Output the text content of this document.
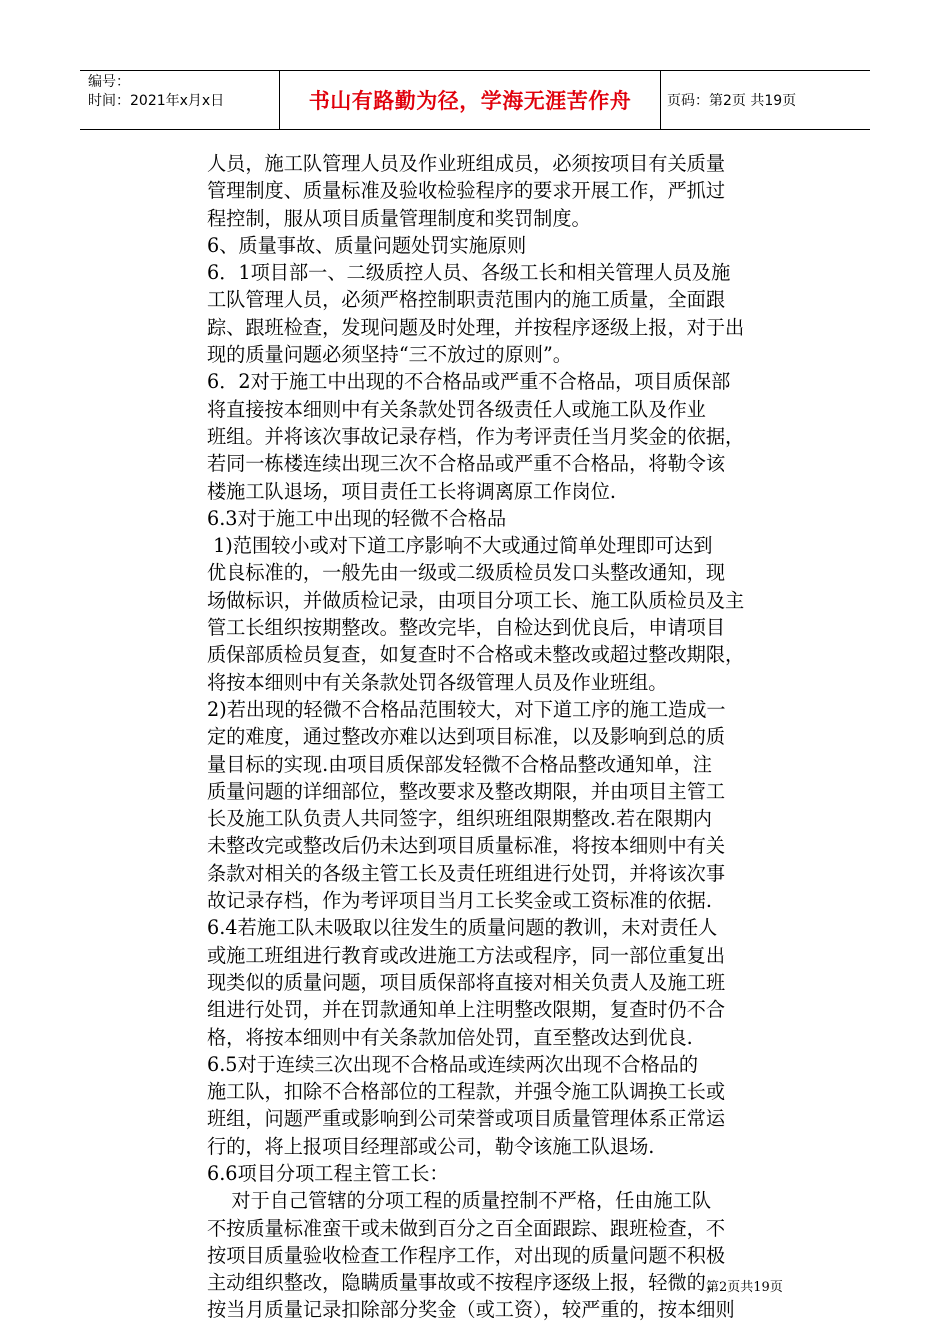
编号：
时间：2021年x月x日	书山有路勤为径，学海无涯苦作舟	页码：第2页 共19页

人员，施工队管理人员及作业班组成员，必须按项目有关质量

管理制度、质量标准及验收检验程序的要求开展工作，严抓过

程控制，服从项目质量管理制度和奖罚制度。

6、质量事故、质量问题处罚实施原则

6．1项目部一、二级质控人员、各级工长和相关管理人员及施

工队管理人员，必须严格控制职责范围内的施工质量，全面跟

踪、跟班检查，发现问题及时处理，并按程序逐级上报，对于出

现的质量问题必须坚持“三不放过的原则”。

6．2对于施工中出现的不合格品或严重不合格品，项目质保部

将直接按本细则中有关条款处罚各级责任人或施工队及作业

班组。并将该次事故记录存档，作为考评责任当月奖金的依据，

若同一栋楼连续出现三次不合格品或严重不合格品，将勒令该

楼施工队退场，项目责任工长将调离原工作岗位.

6.3对于施工中出现的轻微不合格品

1)范围较小或对下道工序影响不大或通过简单处理即可达到

优良标准的，一般先由一级或二级质检员发口头整改通知，现

场做标识，并做质检记录，由项目分项工长、施工队质检员及主

管工长组织按期整改。整改完毕，自检达到优良后，申请项目

质保部质检员复查，如复查时不合格或未整改或超过整改期限，

将按本细则中有关条款处罚各级管理人员及作业班组。

2)若出现的轻微不合格品范围较大，对下道工序的施工造成一

定的难度，通过整改亦难以达到项目标准，以及影响到总的质

量目标的实现.由项目质保部发轻微不合格品整改通知单，注

质量问题的详细部位，整改要求及整改期限，并由项目主管工

长及施工队负责人共同签字，组织班组限期整改.若在限期内

未整改完或整改后仍未达到项目质量标准，将按本细则中有关

条款对相关的各级主管工长及责任班组进行处罚，并将该次事

故记录存档，作为考评项目当月工长奖金或工资标准的依据.

6.4若施工队未吸取以往发生的质量问题的教训，未对责任人

或施工班组进行教育或改进施工方法或程序，同一部位重复出

现类似的质量问题，项目质保部将直接对相关负责人及施工班

组进行处罚，并在罚款通知单上注明整改限期，复查时仍不合

格，将按本细则中有关条款加倍处罚，直至整改达到优良.

6.5对于连续三次出现不合格品或连续两次出现不合格品的

施工队，扣除不合格部位的工程款，并强令施工队调换工长或

班组，问题严重或影响到公司荣誉或项目质量管理体系正常运

行的，将上报项目经理部或公司，勒令该施工队退场.

6.6项目分项工程主管工长：

对于自己管辖的分项工程的质量控制不严格，任由施工队

不按质量标准蛮干或未做到百分之百全面跟踪、跟班检查，不

按项目质量验收检查工作程序工作，对出现的质量问题不积极

主动组织整改，隐瞒质量事故或不按程序逐级上报，轻微的，

按当月质量记录扣除部分奖金（或工资），较严重的，按本细则

第2页共19页
